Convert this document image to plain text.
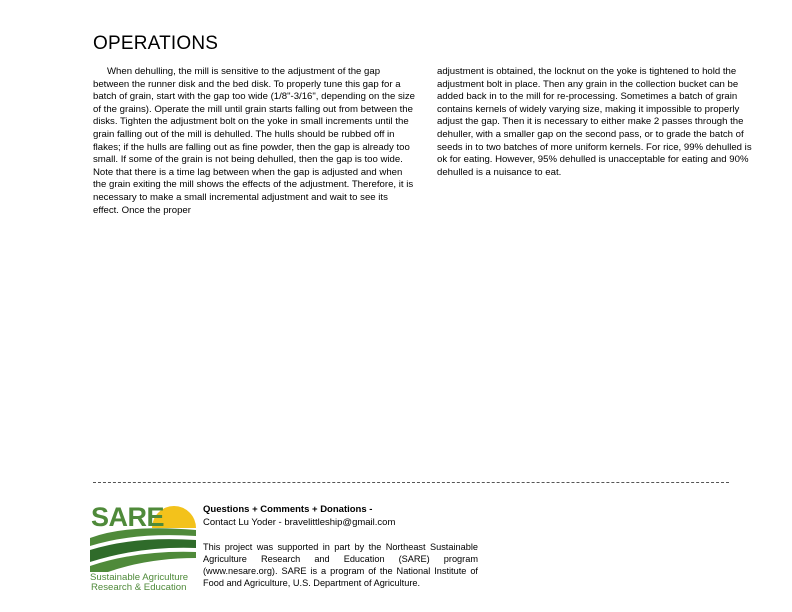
OPERATIONS

When dehulling, the mill is sensitive to the adjustment of the gap between the runner disk and the bed disk. To properly tune this gap for a batch of grain, start with the gap too wide (1/8"-3/16", depending on the size of the grains). Operate the mill until grain starts falling out from between the disks. Tighten the adjustment bolt on the yoke in small increments until the grain falling out of the mill is dehulled. The hulls should be rubbed off in flakes; if the hulls are falling out as fine powder, then the gap is already too small. If some of the grain is not being dehulled, then the gap is too wide. Note that there is a time lag between when the gap is adjusted and when the grain exiting the mill shows the effects of the adjustment. Therefore, it is necessary to make a small incremental adjustment and wait to see its effect. Once the proper

adjustment is obtained, the locknut on the yoke is tightened to hold the adjustment bolt in place. Then any grain in the collection bucket can be added back in to the mill for re-processing. Sometimes a batch of grain contains kernels of widely varying size, making it impossible to properly adjust the gap. Then it is necessary to either make 2 passes through the dehuller, with a smaller gap on the second pass, or to grade the batch of seeds in to two batches of more uniform kernels. For rice, 99% dehulled is ok for eating. However, 95% dehulled is unacceptable for eating and 90% dehulled is a nuisance to eat.

SARE
Sustainable Agriculture
Research & Education

Questions + Comments + Donations -

Contact Lu Yoder - bravelittleship@gmail.com

This project was supported in part by the Northeast Sustainable Agriculture Research and Education (SARE) program (www.nesare.org). SARE is a program of the National Institute of Food and Agriculture, U.S. Department of Agriculture.
